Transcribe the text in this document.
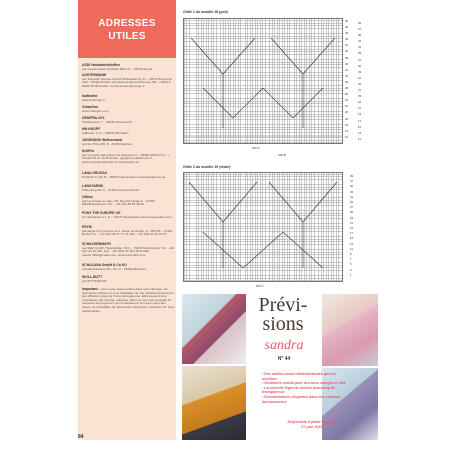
ADRESSES
UTILES
ADDI Handarbeitshilfen
par Gustav Selter Postfach 9064, D – 58734 Altena
AUSTERMANN
par Schoeller Süssen GmbH Bühlstraße 14, D – 73079 Süssen E-mail : info@schoeller-und-stahl.de Benoit Retesse-Hitt : +33(0) 6 88 86 35 88 E-Mail : benoit.amsler@orange.fr
buttinette
www.buttinette.fr
ChiaoGoo
www.chiaogoo.com
GEDIFRA-SYL
Via Bianca 6, 7 – 38139 Vinessia (T)
HM KNOPF
Kalkerstr. 6, D – 63065 Offenbach
JUNGHANS Wollversand
Auf der Hüls 205, D – 52053 Aachen
KnitPro
par Comptoir Saint Marc 2A Passerlon II – 69960 MONS Tél. : + 33 (0)4 78 27 20 28 Email : jojo@compsaintmarc.fr www.comptoirsaintmarc.fr www.knitpro.eu
LANA GROSSA
Postfach 11 00, D – 85018 Gaimersheim www.lanagrossa.de
LANGYARNS
Pütlenweg 28, D – 41352 Korschenbroich
ONline
par La Grange à Laine, 69, Rue Principale F – 67200 Mittelhausbergen, Tél. : +33 (0)3 88 56 38 00
PONY THE EUROPE UG
Am Wiesacker 11, D – 71115 Gingenbach www.ponyneedles.com
PRYM
par Edgar Prym France S.A. Route de Rouen, 9 – BP104 – 27110 Berthy Tél. : +33 (0)2 32 47 77 74, Fax : +33 (0)2 32 45 73 57
SCHACHENMAYR
par MEZ GmbH, Hauptstraße 76 D – 79336 Herbolzheim Tél. : +49 (0)7 61 32 232, Fax : +49 7641 91 30 100 E-Mail : amelie.hilles@coats.com, www.mezcrafts.com
SCHULANA GmbH & Co.KG
Landwehrstrasse 60 – 62, D – 80336 München
WOLL-BUTT
par BUTTINETTE
Important : notre revue étant vendue dans toute l'Europe, les fournitures utilisées pour la réalisation de nos modèles proviennent des différents pays de l'Union Européenne. Elles peuvent être remplacées par d'autres marques. Dans ce cas il est conseillé de respecter les longueurs de fil indiquées à 10 mètres près afin d'avoir un échantillon de dimensions identiques. Certaines réf. sont indisponibles.
84
Grille 1 du modèle 28 (poll)
50
48
46
44
42
40
38
36
34
32
30
28
26
24
22
20
18
16
14
12
49
47
45
43
41
39
37
35
33
31
29
27
25
23
21
19
17
15
13
11
MO A
MO B
Grille 2 du modèle 29 (châle)
39
37
35
33
31
29
27
25
23
21
19
17
15
13
11
9
7
5
3
1
MO A
Prévi-
sions
sandra
N° 44
• Des mailles aussi rafraîchissantes que les menthes
• Sentiment estival pour des tons orangés et lilas
• La nouvelle légèreté montre beaucoup de transparence
• Décontractions élégantes dans des couleurs harmonieuses
Disponible à partir du jeudi
27 juin 2019
